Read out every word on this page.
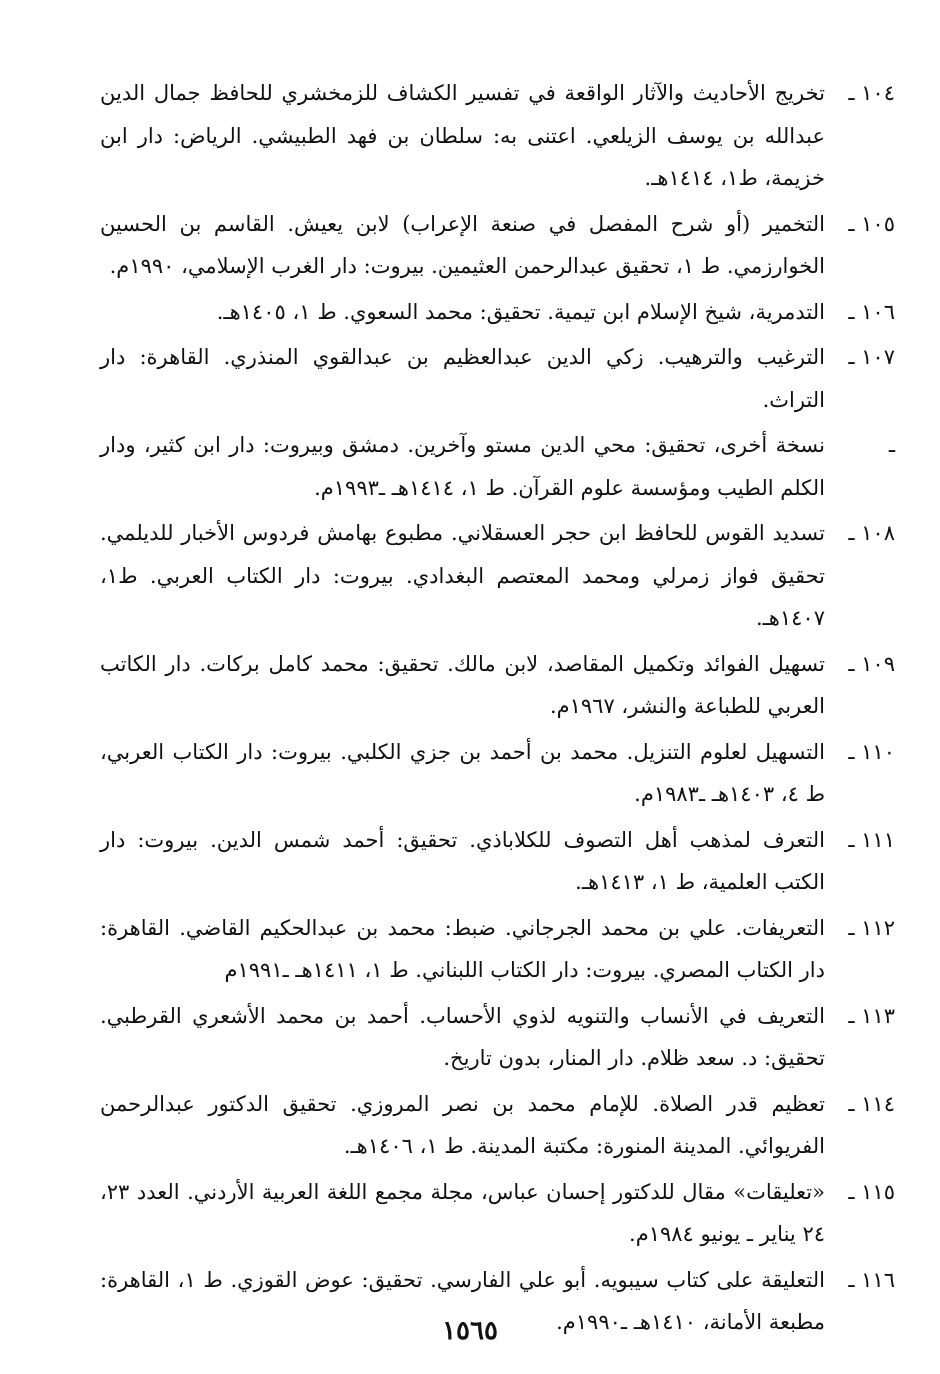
١٠٤ ـ
تخريج الأحاديث والآثار الواقعة في تفسير الكشاف للزمخشري للحافظ جمال الدين عبدالله بن يوسف الزيلعي. اعتنى به: سلطان بن فهد الطبيشي. الرياض: دار ابن خزيمة، ط١، ١٤١٤هـ.
١٠٥ ـ
التخمير (أو شرح المفصل في صنعة الإعراب) لابن يعيش. القاسم بن الحسين الخوارزمي. ط ١، تحقيق عبدالرحمن العثيمين. بيروت: دار الغرب الإسلامي، ١٩٩٠م.
١٠٦ ـ
التدمرية، شيخ الإسلام ابن تيمية. تحقيق: محمد السعوي. ط ١، ١٤٠٥هـ.
١٠٧ ـ
الترغيب والترهيب. زكي الدين عبدالعظيم بن عبدالقوي المنذري. القاهرة: دار التراث.
ـ
نسخة أخرى، تحقيق: محي الدين مستو وآخرين. دمشق وبيروت: دار ابن كثير، ودار الكلم الطيب ومؤسسة علوم القرآن. ط ١، ١٤١٤هـ ـ١٩٩٣م.
١٠٨ ـ
تسديد القوس للحافظ ابن حجر العسقلاني. مطبوع بهامش فردوس الأخبار للديلمي. تحقيق فواز زمرلي ومحمد المعتصم البغدادي. بيروت: دار الكتاب العربي. ط١، ١٤٠٧هـ.
١٠٩ ـ
تسهيل الفوائد وتكميل المقاصد، لابن مالك. تحقيق: محمد كامل بركات. دار الكاتب العربي للطباعة والنشر، ١٩٦٧م.
١١٠ ـ
التسهيل لعلوم التنزيل. محمد بن أحمد بن جزي الكلبي. بيروت: دار الكتاب العربي، ط ٤، ١٤٠٣هـ ـ١٩٨٣م.
١١١ ـ
التعرف لمذهب أهل التصوف للكلاباذي. تحقيق: أحمد شمس الدين. بيروت: دار الكتب العلمية، ط ١، ١٤١٣هـ.
١١٢ ـ
التعريفات. علي بن محمد الجرجاني. ضبط: محمد بن عبدالحكيم القاضي. القاهرة: دار الكتاب المصري. بيروت: دار الكتاب اللبناني. ط ١، ١٤١١هـ ـ١٩٩١م
١١٣ ـ
التعريف في الأنساب والتنويه لذوي الأحساب. أحمد بن محمد الأشعري القرطبي. تحقيق: د. سعد ظلام. دار المنار، بدون تاريخ.
١١٤ ـ
تعظيم قدر الصلاة. للإمام محمد بن نصر المروزي. تحقيق الدكتور عبدالرحمن الفريوائي. المدينة المنورة: مكتبة المدينة. ط ١، ١٤٠٦هـ.
١١٥ ـ
«تعليقات» مقال للدكتور إحسان عباس، مجلة مجمع اللغة العربية الأردني. العدد ٢٣، ٢٤ يناير ـ يونيو ١٩٨٤م.
١١٦ ـ
التعليقة على كتاب سيبويه. أبو علي الفارسي. تحقيق: عوض القوزي. ط ١، القاهرة: مطبعة الأمانة، ١٤١٠هـ ـ١٩٩٠م.
١٥٦٥
